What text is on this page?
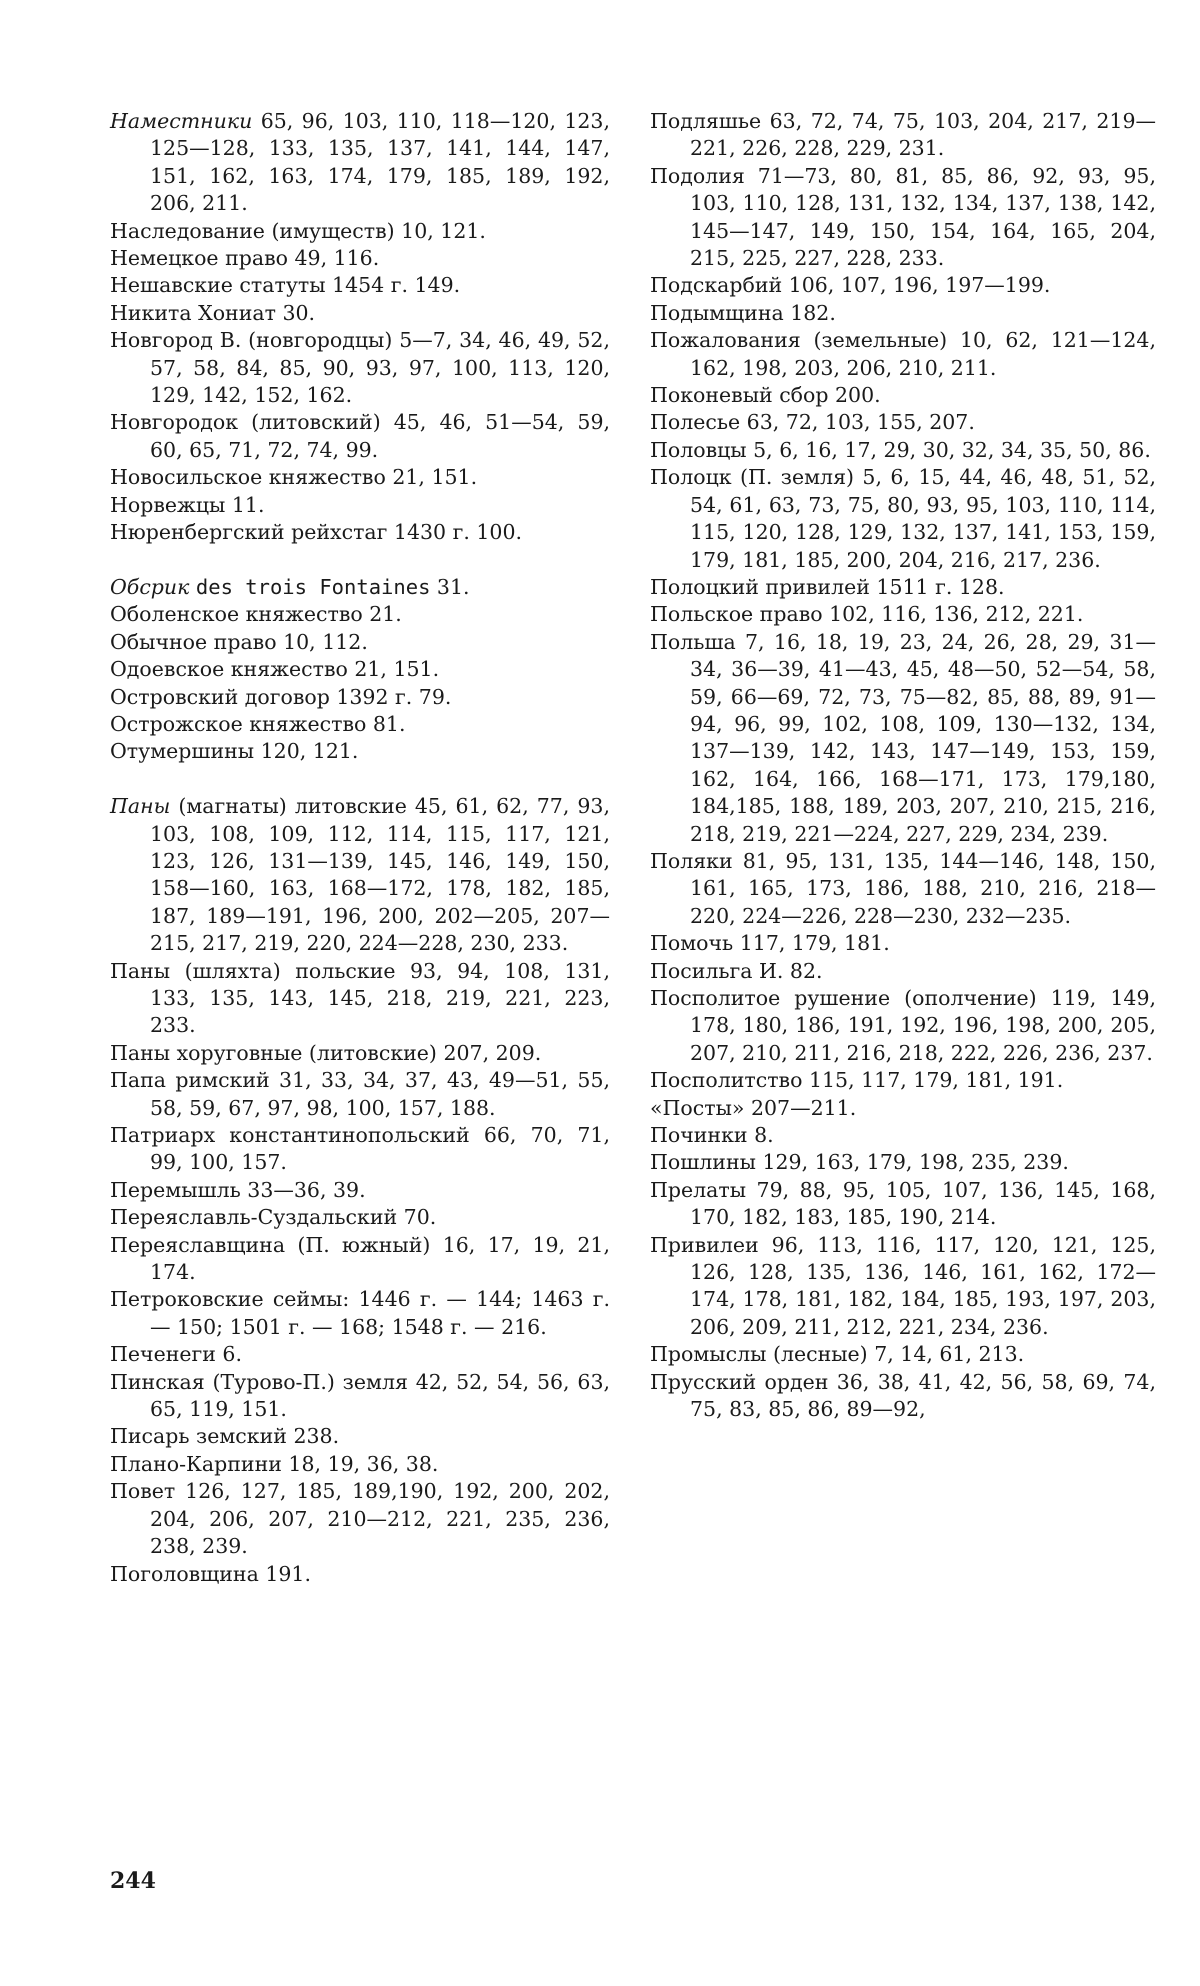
Наместники 65, 96, 103, 110, 118—120, 123, 125—128, 133, 135, 137, 141, 144, 147, 151, 162, 163, 174, 179, 185, 189, 192, 206, 211.

Наследование (имуществ) 10, 121.

Немецкое право 49, 116.

Нешавские статуты 1454 г. 149.

Никита Хониат 30.

Новгород В. (новгородцы) 5—7, 34, 46, 49, 52, 57, 58, 84, 85, 90, 93, 97, 100, 113, 120, 129, 142, 152, 162.

Новгородок (литовский) 45, 46, 51—54, 59, 60, 65, 71, 72, 74, 99.

Новосильское княжество 21, 151.

Норвежцы 11.

Нюренбергский рейхстаг 1430 г. 100.

Обсрик des trois Fontaines 31.

Оболенское княжество 21.

Обычное право 10, 112.

Одоевское княжество 21, 151.

Островский договор 1392 г. 79.

Острожское княжество 81.

Отумершины 120, 121.

Паны (магнаты) литовские 45, 61, 62, 77, 93, 103, 108, 109, 112, 114, 115, 117, 121, 123, 126, 131—139, 145, 146, 149, 150, 158—160, 163, 168—172, 178, 182, 185, 187, 189—191, 196, 200, 202—205, 207—215, 217, 219, 220, 224—228, 230, 233.

Паны (шляхта) польские 93, 94, 108, 131, 133, 135, 143, 145, 218, 219, 221, 223, 233.

Паны хоруговные (литовские) 207, 209.

Папа римский 31, 33, 34, 37, 43, 49—51, 55, 58, 59, 67, 97, 98, 100, 157, 188.

Патриарх константинопольский 66, 70, 71, 99, 100, 157.

Перемышль 33—36, 39.

Переяславль-Суздальский 70.

Переяславщина (П. южный) 16, 17, 19, 21, 174.

Петроковские сеймы: 1446 г. — 144; 1463 г. — 150; 1501 г. — 168; 1548 г. — 216.

Печенеги 6.

Пинская (Турово-П.) земля 42, 52, 54, 56, 63, 65, 119, 151.

Писарь земский 238.

Плано-Карпини 18, 19, 36, 38.

Повет 126, 127, 185, 189,190, 192, 200, 202, 204, 206, 207, 210—212, 221, 235, 236, 238, 239.

Поголовщина 191.

Подляшье 63, 72, 74, 75, 103, 204, 217, 219—221, 226, 228, 229, 231.

Подолия 71—73, 80, 81, 85, 86, 92, 93, 95, 103, 110, 128, 131, 132, 134, 137, 138, 142, 145—147, 149, 150, 154, 164, 165, 204, 215, 225, 227, 228, 233.

Подскарбий 106, 107, 196, 197—199.

Подымщина 182.

Пожалования (земельные) 10, 62, 121—124, 162, 198, 203, 206, 210, 211.

Поконевый сбор 200.

Полесье 63, 72, 103, 155, 207.

Половцы 5, 6, 16, 17, 29, 30, 32, 34, 35, 50, 86.

Полоцк (П. земля) 5, 6, 15, 44, 46, 48, 51, 52, 54, 61, 63, 73, 75, 80, 93, 95, 103, 110, 114, 115, 120, 128, 129, 132, 137, 141, 153, 159, 179, 181, 185, 200, 204, 216, 217, 236.

Полоцкий привилей 1511 г. 128.

Польское право 102, 116, 136, 212, 221.

Польша 7, 16, 18, 19, 23, 24, 26, 28, 29, 31—34, 36—39, 41—43, 45, 48—50, 52—54, 58, 59, 66—69, 72, 73, 75—82, 85, 88, 89, 91—94, 96, 99, 102, 108, 109, 130—132, 134, 137—139, 142, 143, 147—149, 153, 159, 162, 164, 166, 168—171, 173, 179,180, 184,185, 188, 189, 203, 207, 210, 215, 216, 218, 219, 221—224, 227, 229, 234, 239.

Поляки 81, 95, 131, 135, 144—146, 148, 150, 161, 165, 173, 186, 188, 210, 216, 218—220, 224—226, 228—230, 232—235.

Помочь 117, 179, 181.

Посильга И. 82.

Посполитое рушение (ополчение) 119, 149, 178, 180, 186, 191, 192, 196, 198, 200, 205, 207, 210, 211, 216, 218, 222, 226, 236, 237.

Посполитство 115, 117, 179, 181, 191.

«Посты» 207—211.

Починки 8.

Пошлины 129, 163, 179, 198, 235, 239.

Прелаты 79, 88, 95, 105, 107, 136, 145, 168, 170, 182, 183, 185, 190, 214.

Привилеи 96, 113, 116, 117, 120, 121, 125, 126, 128, 135, 136, 146, 161, 162, 172—174, 178, 181, 182, 184, 185, 193, 197, 203, 206, 209, 211, 212, 221, 234, 236.

Промыслы (лесные) 7, 14, 61, 213.

Прусский орден 36, 38, 41, 42, 56, 58, 69, 74, 75, 83, 85, 86, 89—92,

244
